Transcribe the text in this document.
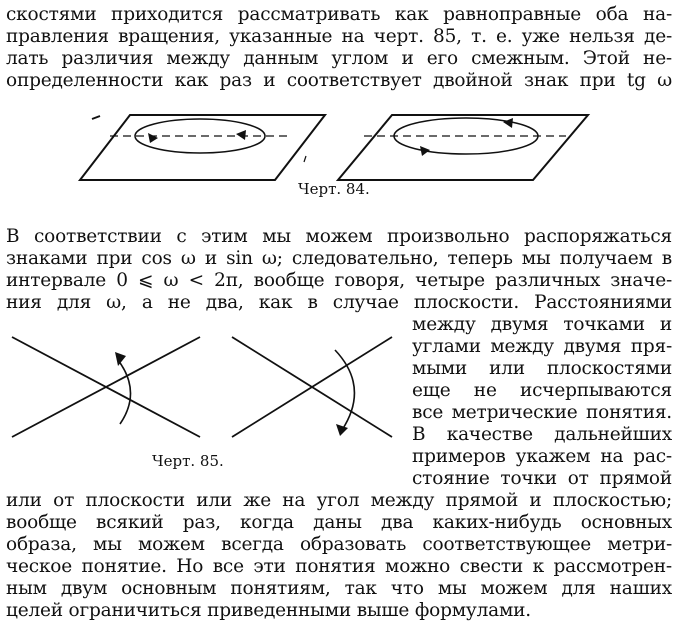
скостями приходится рассматривать как равноправные оба на-
правления вращения, указанные на черт. 85, т. е. уже нельзя де-
лать различия между данным углом и его смежным. Этой не-
определенности как раз и соответствует двойной знак при tg ω
Черт. 84.
В соответствии с этим мы можем произвольно распоряжаться
знаками при cos ω и sin ω; следовательно, теперь мы получаем в
интервале 0 ⩽ ω < 2π, вообще говоря, четыре различных значе-
ния для ω, а не два, как в случае плоскости. Расстояниями
Черт. 85.
между двумя точками и
углами между двумя пря-
мыми или плоскостями
еще не исчерпываются
все метрические понятия.
В качестве дальнейших
примеров укажем на рас-
стояние точки от прямой
или от плоскости или же на угол между прямой и плоскостью;
вообще всякий раз, когда даны два каких-нибудь основных
образа, мы можем всегда образовать соответствующее метри-
ческое понятие. Но все эти понятия можно свести к рассмотрен-
ным двум основным понятиям, так что мы можем для наших
целей ограничиться приведенными выше формулами.
